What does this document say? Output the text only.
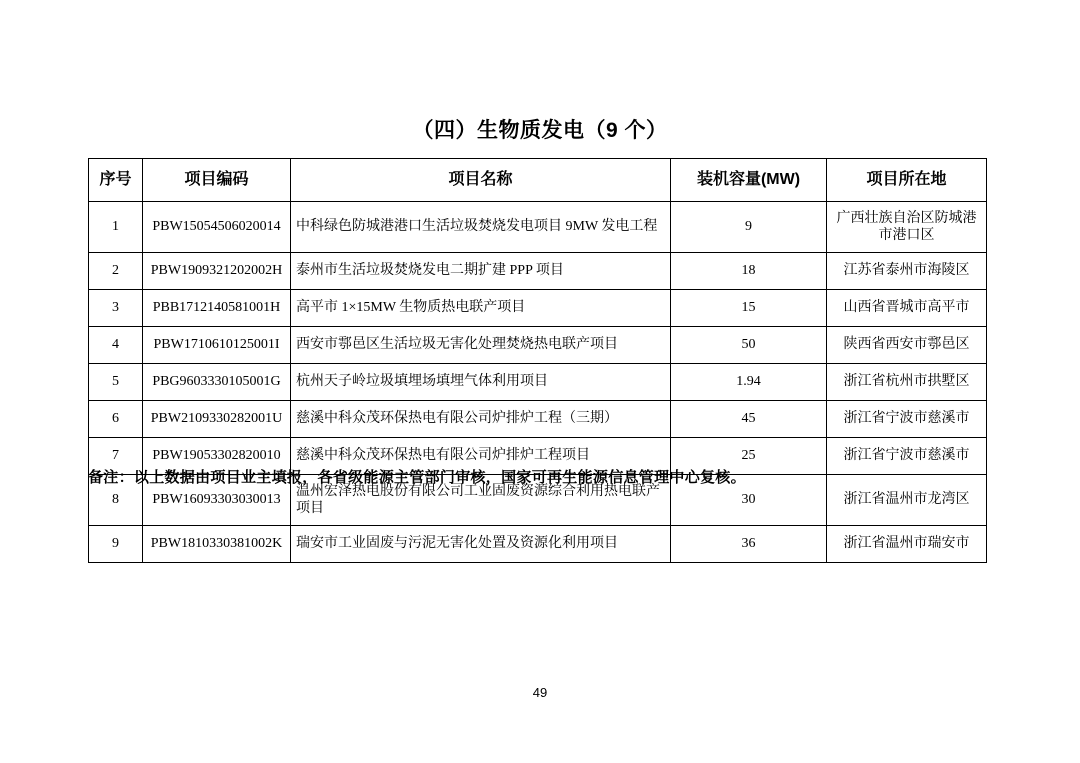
（四）生物质发电（9 个）
序号	项目编码	项目名称	装机容量(MW)	项目所在地
1	PBW15054506020014	中科绿色防城港港口生活垃圾焚烧发电项目 9MW 发电工程	9	广西壮族自治区防城港市港口区
2	PBW1909321202002H	泰州市生活垃圾焚烧发电二期扩建 PPP 项目	18	江苏省泰州市海陵区
3	PBB1712140581001H	高平市 1×15MW 生物质热电联产项目	15	山西省晋城市高平市
4	PBW1710610125001I	西安市鄠邑区生活垃圾无害化处理焚烧热电联产项目	50	陕西省西安市鄠邑区
5	PBG9603330105001G	杭州天子岭垃圾填埋场填埋气体利用项目	1.94	浙江省杭州市拱墅区
6	PBW2109330282001U	慈溪中科众茂环保热电有限公司炉排炉工程（三期）	45	浙江省宁波市慈溪市
7	PBW19053302820010	慈溪中科众茂环保热电有限公司炉排炉工程项目	25	浙江省宁波市慈溪市
8	PBW16093303030013	温州宏泽热电股份有限公司工业固废资源综合利用热电联产项目	30	浙江省温州市龙湾区
9	PBW1810330381002K	瑞安市工业固废与污泥无害化处置及资源化利用项目	36	浙江省温州市瑞安市
备注：以上数据由项目业主填报，各省级能源主管部门审核，国家可再生能源信息管理中心复核。
49
